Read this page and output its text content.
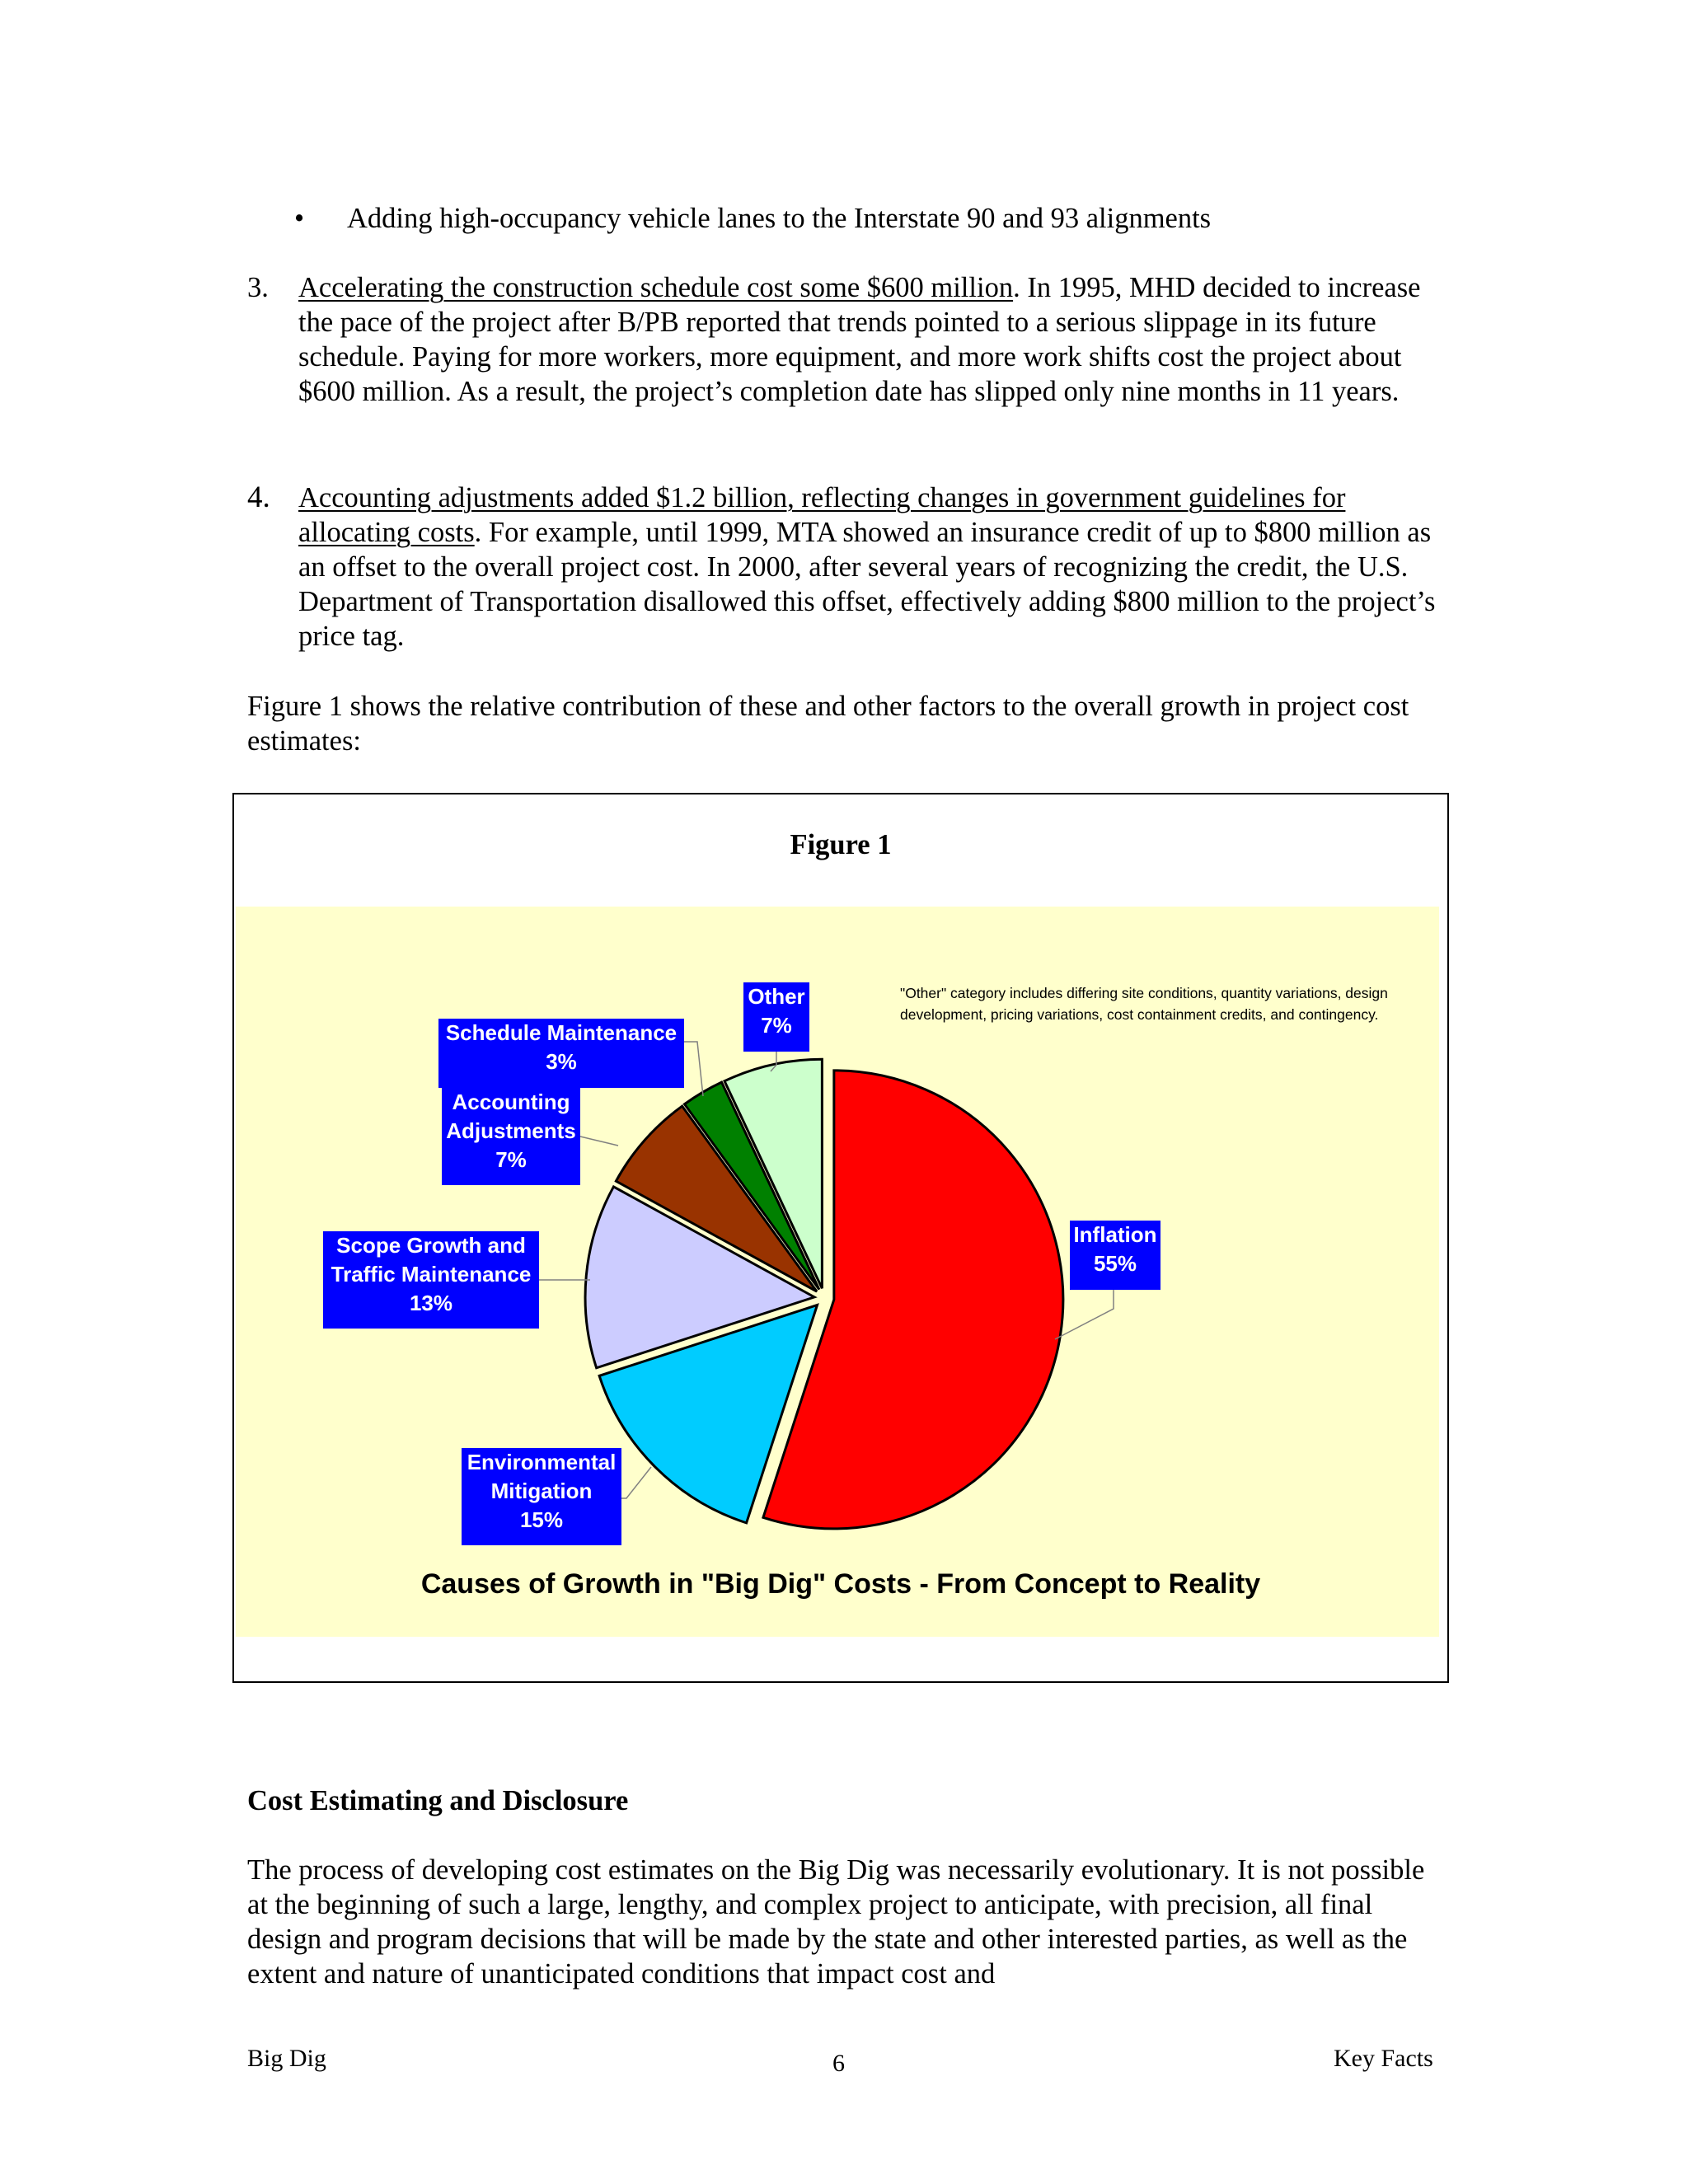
• Adding high-occupancy vehicle lanes to the Interstate 90 and 93 alignments
3. Accelerating the construction schedule cost some $600 million. In 1995, MHD decided to increase the pace of the project after B/PB reported that trends pointed to a serious slippage in its future schedule. Paying for more workers, more equipment, and more work shifts cost the project about $600 million. As a result, the project’s completion date has slipped only nine months in 11 years.
4. Accounting adjustments added $1.2 billion, reflecting changes in government guidelines for allocating costs. For example, until 1999, MTA showed an insurance credit of up to $800 million as an offset to the overall project cost. In 2000, after several years of recognizing the credit, the U.S. Department of Transportation disallowed this offset, effectively adding $800 million to the project’s price tag.
Figure 1 shows the relative contribution of these and other factors to the overall growth in project cost estimates:
Figure 1
Inflation
55%
Environmental
Mitigation
15%
Scope Growth and
Traffic Maintenance
13%
Accounting
Adjustments
7%
Schedule Maintenance
3%
Other
7%
"Other" category includes differing site conditions, quantity variations, design development, pricing variations, cost containment credits, and contingency.
Causes of Growth in "Big Dig" Costs - From Concept to Reality
Cost Estimating and Disclosure
The process of developing cost estimates on the Big Dig was necessarily evolutionary. It is not possible at the beginning of such a large, lengthy, and complex project to anticipate, with precision, all final design and program decisions that will be made by the state and other interested parties, as well as the extent and nature of unanticipated conditions that impact cost and
Big Dig	6	Key Facts
